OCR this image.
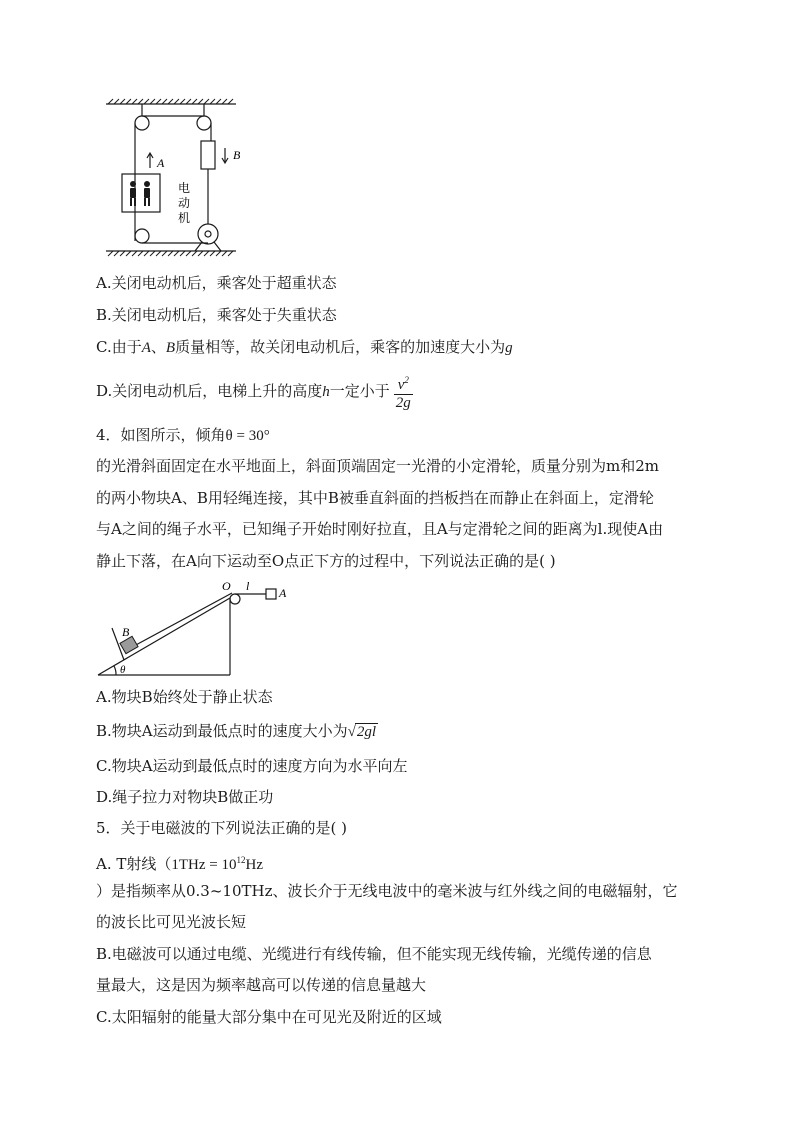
A
B
电
动
机
A.关闭电动机后，乘客处于超重状态
B.关闭电动机后，乘客处于失重状态
C.由于A、B质量相等，故关闭电动机后，乘客的加速度大小为g
D.关闭电动机后，电梯上升的高度h一定小于 $\frac{v^2}{2g}$
4．如图所示，倾角θ = 30°
的光滑斜面固定在水平地面上，斜面顶端固定一光滑的小定滑轮，质量分别为m和2m
的两小物块A、B用轻绳连接，其中B被垂直斜面的挡板挡在而静止在斜面上，定滑轮
与A之间的绳子水平，已知绳子开始时刚好拉直，且A与定滑轮之间的距离为l.现使A由
静止下落，在A向下运动至O点正下方的过程中，下列说法正确的是( )
O l A
B
θ
A.物块B始终处于静止状态
B.物块A运动到最低点时的速度大小为√2gl
C.物块A运动到最低点时的速度方向为水平向左
D.绳子拉力对物块B做正功
5．关于电磁波的下列说法正确的是( )
A. T射线（$1THz = 10^{12}Hz$
）是指频率从0.3~10THz、波长介于无线电波中的毫米波与红外线之间的电磁辐射，它
的波长比可见光波长短
B.电磁波可以通过电缆、光缆进行有线传输，但不能实现无线传输，光缆传递的信息
量最大，这是因为频率越高可以传递的信息量越大
C.太阳辐射的能量大部分集中在可见光及附近的区域
